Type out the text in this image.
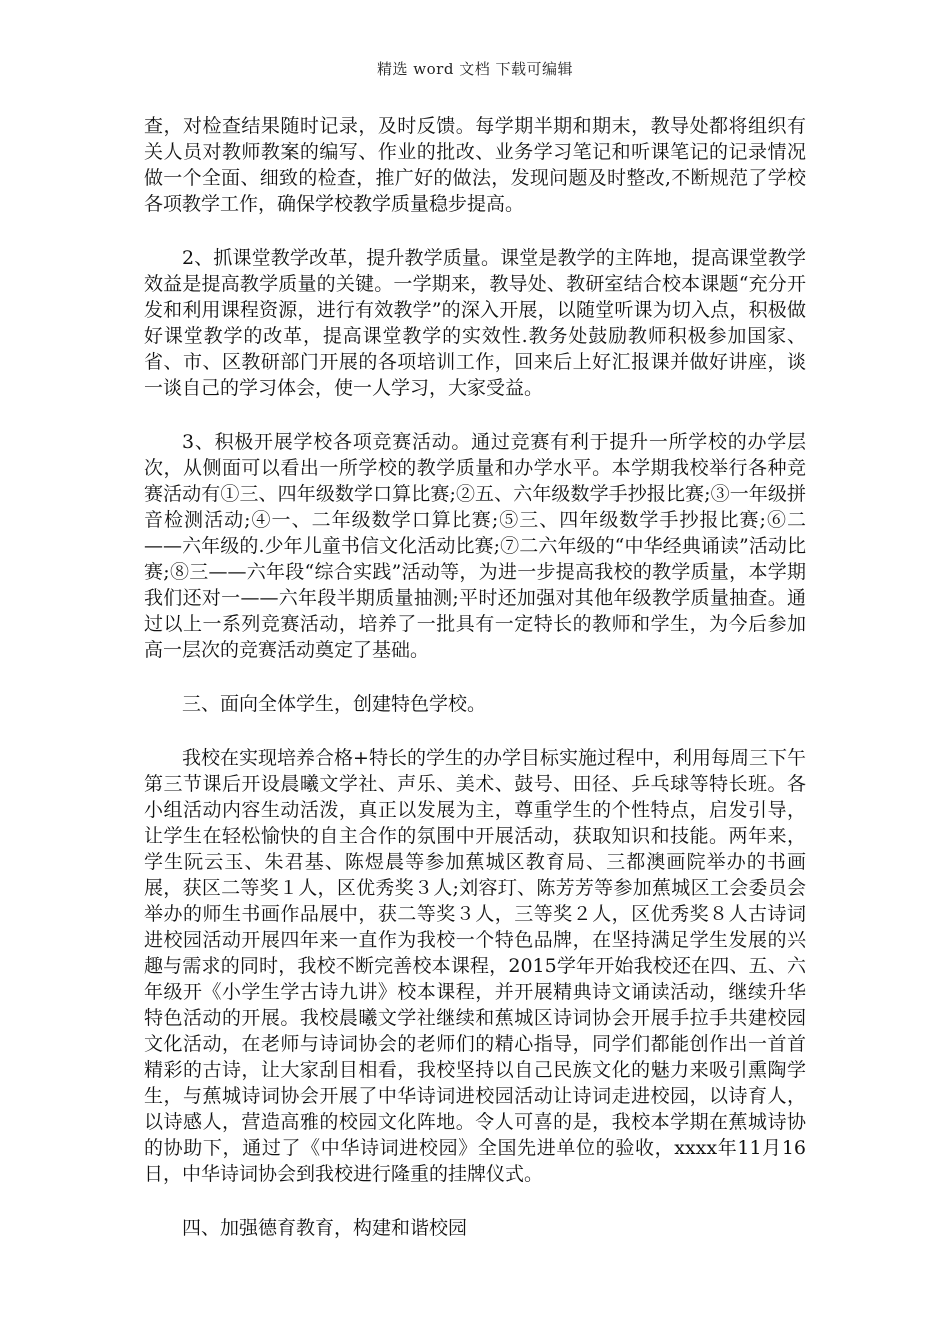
精选 word 文档 下载可编辑

查，对检查结果随时记录，及时反馈。每学期半期和期末，教导处都将组织有关人员对教师教案的编写、作业的批改、业务学习笔记和听课笔记的记录情况做一个全面、细致的检查，推广好的做法，发现问题及时整改,不断规范了学校各项教学工作，确保学校教学质量稳步提高。

2、抓课堂教学改革，提升教学质量。课堂是教学的主阵地，提高课堂教学效益是提高教学质量的关键。一学期来，教导处、教研室结合校本课题“充分开发和利用课程资源，进行有效教学”的深入开展，以随堂听课为切入点，积极做好课堂教学的改革，提高课堂教学的实效性.教务处鼓励教师积极参加国家、省、市、区教研部门开展的各项培训工作，回来后上好汇报课并做好讲座，谈一谈自己的学习体会，使一人学习，大家受益。

3、积极开展学校各项竞赛活动。通过竞赛有利于提升一所学校的办学层次，从侧面可以看出一所学校的教学质量和办学水平。本学期我校举行各种竞赛活动有①三、四年级数学口算比赛;②五、六年级数学手抄报比赛;③一年级拼音检测活动;④一、二年级数学口算比赛;⑤三、四年级数学手抄报比赛;⑥二——六年级的.少年儿童书信文化活动比赛;⑦二六年级的“中华经典诵读”活动比赛;⑧三——六年段“综合实践”活动等，为进一步提高我校的教学质量，本学期我们还对一——六年段半期质量抽测;平时还加强对其他年级教学质量抽查。通过以上一系列竞赛活动，培养了一批具有一定特长的教师和学生，为今后参加高一层次的竞赛活动奠定了基础。

三、面向全体学生，创建特色学校。

我校在实现培养合格+特长的学生的办学目标实施过程中，利用每周三下午第三节课后开设晨曦文学社、声乐、美术、鼓号、田径、乒乓球等特长班。各小组活动内容生动活泼，真正以发展为主，尊重学生的个性特点，启发引导，让学生在轻松愉快的自主合作的氛围中开展活动，获取知识和技能。两年来，学生阮云玉、朱君基、陈煜晨等参加蕉城区教育局、三都澳画院举办的书画展，获区二等奖１人，区优秀奖３人;刘容玎、陈芳芳等参加蕉城区工会委员会举办的师生书画作品展中，获二等奖３人，三等奖２人，区优秀奖８人古诗词进校园活动开展四年来一直作为我校一个特色品牌，在坚持满足学生发展的兴趣与需求的同时，我校不断完善校本课程，2015学年开始我校还在四、五、六年级开《小学生学古诗九讲》校本课程，并开展精典诗文诵读活动，继续升华特色活动的开展。我校晨曦文学社继续和蕉城区诗词协会开展手拉手共建校园文化活动，在老师与诗词协会的老师们的精心指导，同学们都能创作出一首首精彩的古诗，让大家刮目相看，我校坚持以自己民族文化的魅力来吸引熏陶学生，与蕉城诗词协会开展了中华诗词进校园活动让诗词走进校园，以诗育人，以诗感人，营造高雅的校园文化阵地。令人可喜的是，我校本学期在蕉城诗协的协助下，通过了《中华诗词进校园》全国先进单位的验收，xxxx年11月16日，中华诗词协会到我校进行隆重的挂牌仪式。

四、加强德育教育，构建和谐校园
